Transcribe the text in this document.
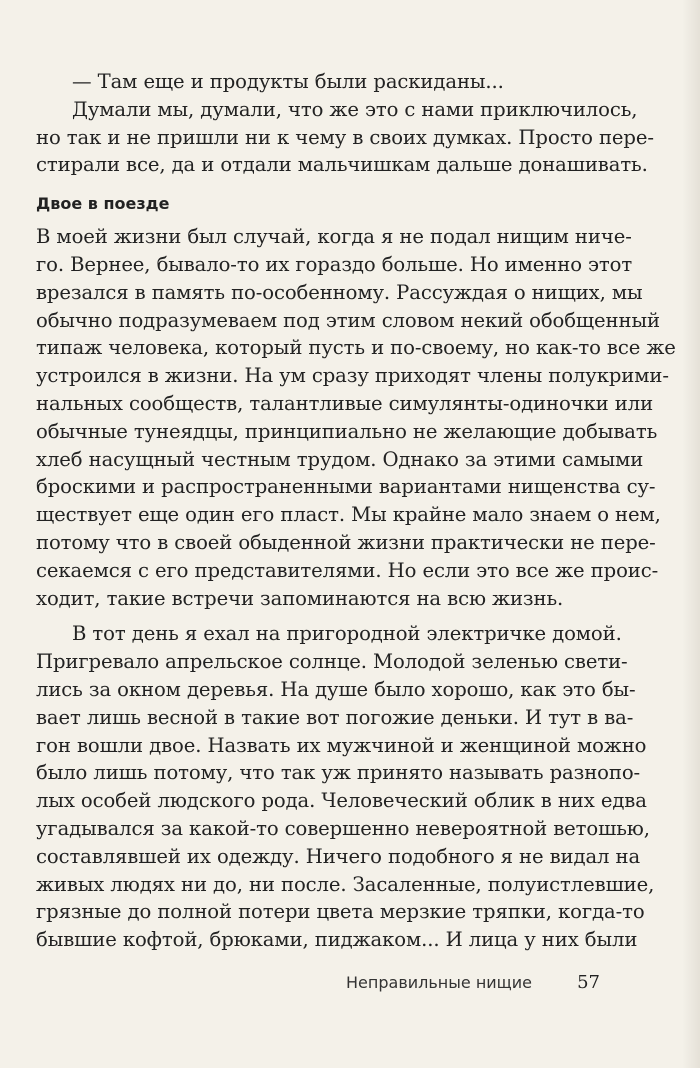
— Там еще и продукты были раскиданы...
Думали мы, думали, что же это с нами приключилось,
но так и не пришли ни к чему в своих думках. Просто пере-
стирали все, да и отдали мальчишкам дальше донашивать.
Двое в поезде
В моей жизни был случай, когда я не подал нищим ниче-
го. Вернее, бывало-то их гораздо больше. Но именно этот
врезался в память по-особенному. Рассуждая о нищих, мы
обычно подразумеваем под этим словом некий обобщенный
типаж человека, который пусть и по-своему, но как-то все же
устроился в жизни. На ум сразу приходят члены полукрими-
нальных сообществ, талантливые симулянты-одиночки или
обычные тунеядцы, принципиально не желающие добывать
хлеб насущный честным трудом. Однако за этими самыми
броскими и распространенными вариантами нищенства су-
ществует еще один его пласт. Мы крайне мало знаем о нем,
потому что в своей обыденной жизни практически не пере-
секаемся с его представителями. Но если это все же проис-
ходит, такие встречи запоминаются на всю жизнь.
В тот день я ехал на пригородной электричке домой.
Пригревало апрельское солнце. Молодой зеленью свети-
лись за окном деревья. На душе было хорошо, как это бы-
вает лишь весной в такие вот погожие деньки. И тут в ва-
гон вошли двое. Назвать их мужчиной и женщиной можно
было лишь потому, что так уж принято называть разнопо-
лых особей людского рода. Человеческий облик в них едва
угадывался за какой-то совершенно невероятной ветошью,
составлявшей их одежду. Ничего подобного я не видал на
живых людях ни до, ни после. Засаленные, полуистлевшие,
грязные до полной потери цвета мерзкие тряпки, когда-то
бывшие кофтой, брюками, пиджаком... И лица у них были
Неправильные нищие	57
